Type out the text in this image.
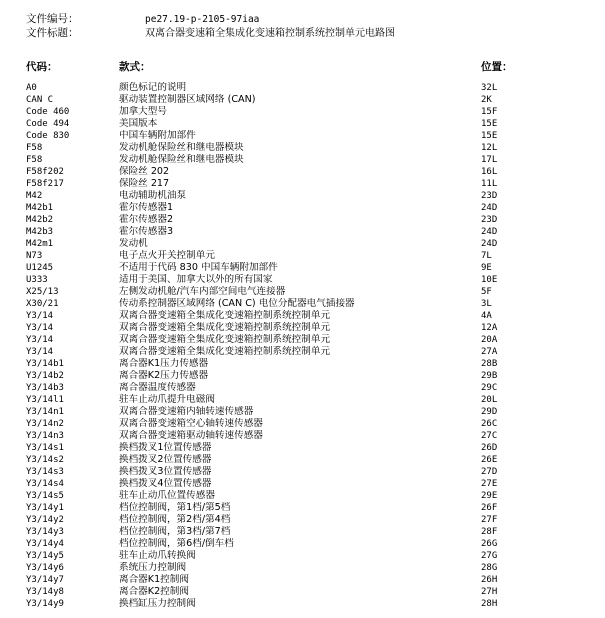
文件编号：	pe27.19-p-2105-97iaa
文件标题：	双离合器变速箱全集成化变速箱控制系统控制单元电路图
代码：	款式：	位置：
A0	颜色标记的说明	32L
CAN C	驱动装置控制器区域网络 (CAN)	2K
Code 460	加拿大型号	15F
Code 494	美国版本	15E
Code 830	中国车辆附加部件	15E
F58	发动机舱保险丝和继电器模块	12L
F58	发动机舱保险丝和继电器模块	17L
F58f202	保险丝 202	16L
F58f217	保险丝 217	11L
M42	电动辅助机油泵	23D
M42b1	霍尔传感器1	24D
M42b2	霍尔传感器2	23D
M42b3	霍尔传感器3	24D
M42m1	发动机	24D
N73	电子点火开关控制单元	7L
U1245	不适用于代码 830 中国车辆附加部件	9E
U333	适用于美国、加拿大以外的所有国家	10E
X25/13	左侧发动机舱/汽车内部空间电气连接器	5F
X30/21	传动系控制器区域网络 (CAN C) 电位分配器电气插接器	3L
Y3/14	双离合器变速箱全集成化变速箱控制系统控制单元	4A
Y3/14	双离合器变速箱全集成化变速箱控制系统控制单元	12A
Y3/14	双离合器变速箱全集成化变速箱控制系统控制单元	20A
Y3/14	双离合器变速箱全集成化变速箱控制系统控制单元	27A
Y3/14b1	离合器K1压力传感器	28B
Y3/14b2	离合器K2压力传感器	29B
Y3/14b3	离合器温度传感器	29C
Y3/14l1	驻车止动爪提升电磁阀	20L
Y3/14n1	双离合器变速箱内轴转速传感器	29D
Y3/14n2	双离合器变速箱空心轴转速传感器	26C
Y3/14n3	双离合器变速箱驱动轴转速传感器	27C
Y3/14s1	换档拨叉1位置传感器	26D
Y3/14s2	换档拨叉2位置传感器	26E
Y3/14s3	换档拨叉3位置传感器	27D
Y3/14s4	换档拨叉4位置传感器	27E
Y3/14s5	驻车止动爪位置传感器	29E
Y3/14y1	档位控制阀，第1档/第5档	26F
Y3/14y2	档位控制阀，第2档/第4档	27F
Y3/14y3	档位控制阀，第3档/第7档	28F
Y3/14y4	档位控制阀，第6档/倒车档	26G
Y3/14y5	驻车止动爪转换阀	27G
Y3/14y6	系统压力控制阀	28G
Y3/14y7	离合器K1控制阀	26H
Y3/14y8	离合器K2控制阀	27H
Y3/14y9	换档缸压力控制阀	28H
